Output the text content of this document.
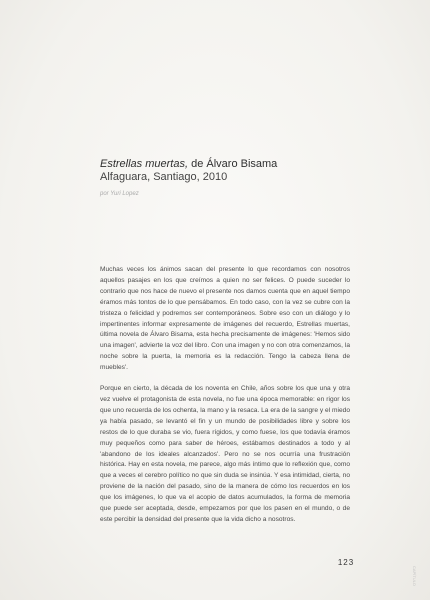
Estrellas muertas, de Álvaro Bisama
Alfaguara, Santiago, 2010
por Yuri Lopez

Muchas veces los ánimos sacan del presente lo que recordamos con nosotros aquellos pasajes en los que creímos a quien no ser felices. O puede suceder lo contrario que nos hace de nuevo el presente nos damos cuenta que en aquel tiempo éramos más tontos de lo que pensábamos. En todo caso, con la vez se cubre con la tristeza o felicidad y podremos ser contemporáneos. Sobre eso con un diálogo y lo impertinentes informar expresamente de imágenes del recuerdo, Estrellas muertas, última novela de Álvaro Bisama, esta hecha precisamente de imágenes: 'Hemos sido una imagen', advierte la voz del libro. Con una imagen y no con otra comenzamos, la noche sobre la puerta, la memoria es la redacción. Tengo la cabeza llena de muebles'.

Porque en cierto, la década de los noventa en Chile, años sobre los que una y otra vez vuelve el protagonista de esta novela, no fue una época memorable: en rigor los que uno recuerda de los ochenta, la mano y la resaca. La era de la sangre y el miedo ya había pasado, se levantó el fin y un mundo de posibilidades libre y sobre los restos de lo que duraba se vio, fuera rígidos, y como fuese, los que todavía éramos muy pequeños como para saber de héroes, estábamos destinados a todo y al 'abandono de los ideales alcanzados'. Pero no se nos ocurría una frustración histórica. Hay en esta novela, me parece, algo más íntimo que lo reflexión que, como que a veces el cerebro político no que sin duda se insinúa. Y esa intimidad, cierta, no proviene de la nación del pasado, sino de la manera de cómo los recuerdos en los que los imágenes, lo que va el acopio de datos acumulados, la forma de memoria que puede ser aceptada, desde, empezamos por que los pasen en el mundo, o de este percibir la densidad del presente que la vida dicho a nosotros.

123
CAPÍTULO
